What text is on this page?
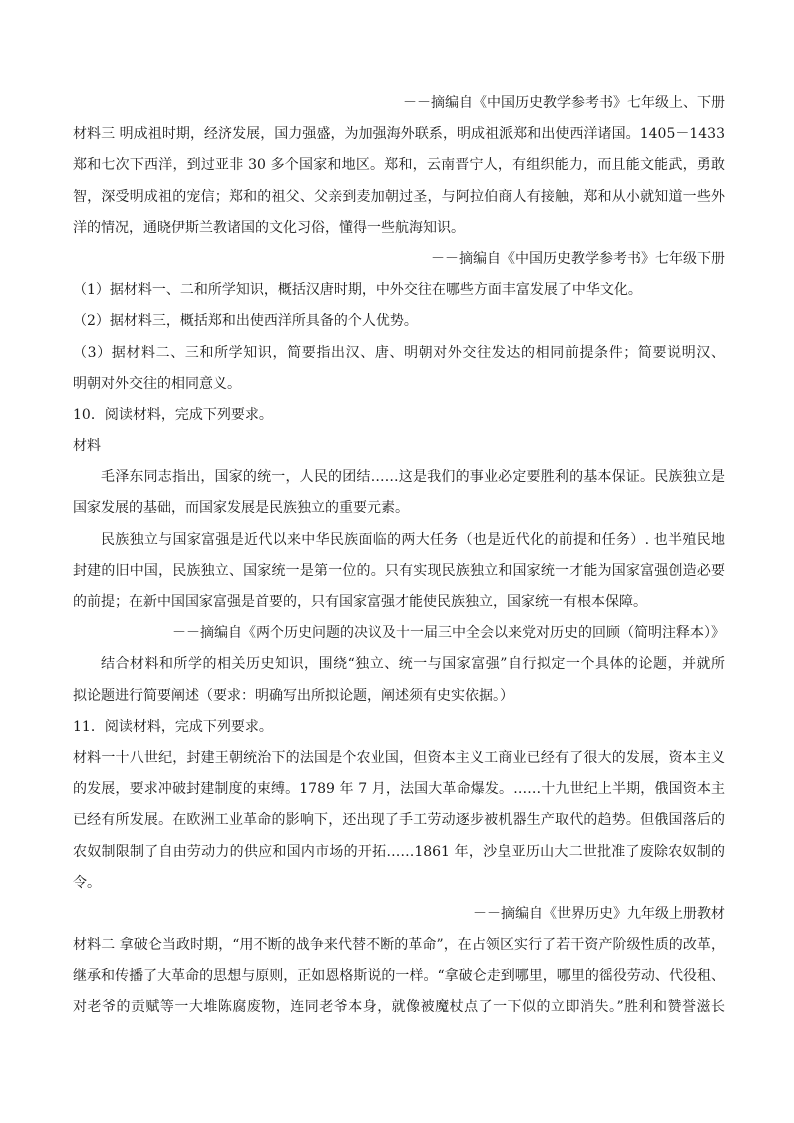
－－摘编自《中国历史教学参考书》七年级上、下册
材料三 明成祖时期，经济发展，国力强盛，为加强海外联系，明成祖派郑和出使西洋诸国。1405－1433
郑和七次下西洋，到过亚非 30 多个国家和地区。郑和，云南晋宁人，有组织能力，而且能文能武，勇敢
智，深受明成祖的宠信；郑和的祖父、父亲到麦加朝过圣，与阿拉伯商人有接触，郑和从小就知道一些外
洋的情况，通晓伊斯兰教诸国的文化习俗，懂得一些航海知识。
－－摘编自《中国历史教学参考书》七年级下册
（1）据材料一、二和所学知识，概括汉唐时期，中外交往在哪些方面丰富发展了中华文化。
（2）据材料三，概括郑和出使西洋所具备的个人优势。
（3）据材料二、三和所学知识，简要指出汉、唐、明朝对外交往发达的相同前提条件；简要说明汉、
明朝对外交往的相同意义。
10．阅读材料，完成下列要求。
材料
毛泽东同志指出，国家的统一，人民的团结……这是我们的事业必定要胜利的基本保证。民族独立是
国家发展的基础，而国家发展是民族独立的重要元素。
民族独立与国家富强是近代以来中华民族面临的两大任务（也是近代化的前提和任务）. 也半殖民地
封建的旧中国，民族独立、国家统一是第一位的。只有实现民族独立和国家统一才能为国家富强创造必要
的前提；在新中国国家富强是首要的，只有国家富强才能使民族独立，国家统一有根本保障。
－－摘编自《两个历史问题的决议及十一届三中全会以来党对历史的回顾（简明注释本）》
结合材料和所学的相关历史知识，围绕“独立、统一与国家富强”自行拟定一个具体的论题，并就所
拟论题进行简要阐述（要求：明确写出所拟论题，阐述须有史实依据。）
11．阅读材料，完成下列要求。
材料一十八世纪，封建王朝统治下的法国是个农业国，但资本主义工商业已经有了很大的发展，资本主义
的发展，要求冲破封建制度的束缚。1789 年 7 月，法国大革命爆发。……十九世纪上半期，俄国资本主
已经有所发展。在欧洲工业革命的影响下，还出现了手工劳动逐步被机器生产取代的趋势。但俄国落后的
农奴制限制了自由劳动力的供应和国内市场的开拓……1861 年，沙皇亚历山大二世批准了废除农奴制的
令。
－－摘编自《世界历史》九年级上册教材
材料二 拿破仑当政时期，“用不断的战争来代替不断的革命”，在占领区实行了若干资产阶级性质的改革，
继承和传播了大革命的思想与原则，正如恩格斯说的一样。“拿破仑走到哪里，哪里的徭役劳动、代役租、
对老爷的贡赋等一大堆陈腐废物，连同老爷本身，就像被魔杖点了一下似的立即消失。”胜利和赞誉滋长
